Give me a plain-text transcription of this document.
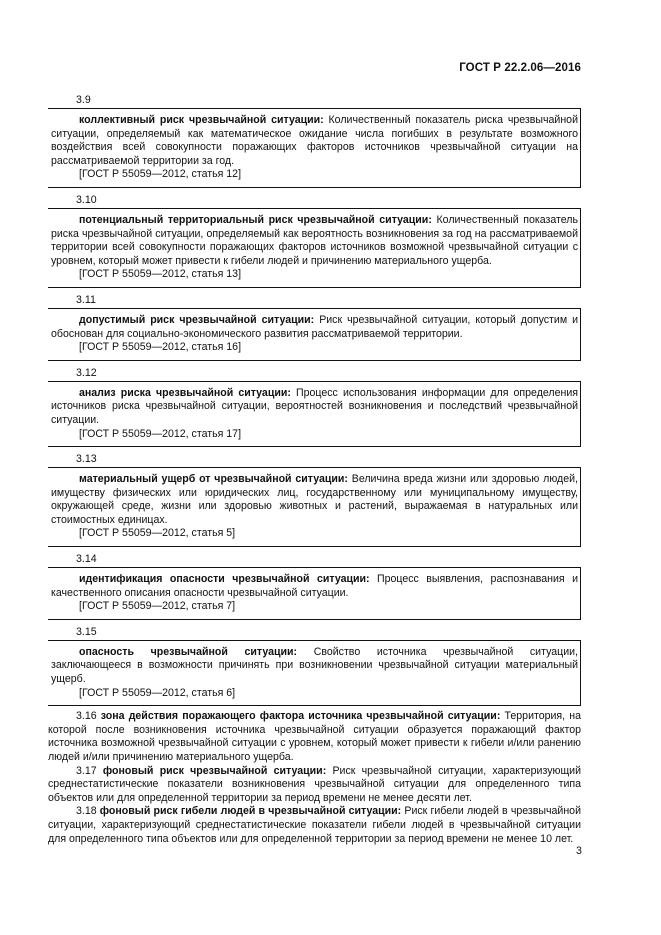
ГОСТ Р 22.2.06—2016
3.9

коллективный риск чрезвычайной ситуации: Количественный показатель риска чрезвычайной ситуации, определяемый как математическое ожидание числа погибших в результате возможного воздействия всей совокупности поражающих факторов источников чрезвычайной ситуации на рассматриваемой территории за год.

[ГОСТ Р 55059—2012, статья 12]

3.10

потенциальный территориальный риск чрезвычайной ситуации: Количественный показатель риска чрезвычайной ситуации, определяемый как вероятность возникновения за год на рассматриваемой территории всей совокупности поражающих факторов источников возможной чрезвычайной ситуации с уровнем, который может привести к гибели людей и причинению материального ущерба.

[ГОСТ Р 55059—2012, статья 13]

3.11

допустимый риск чрезвычайной ситуации: Риск чрезвычайной ситуации, который допустим и обоснован для социально-экономического развития рассматриваемой территории.

[ГОСТ Р 55059—2012, статья 16]

3.12

анализ риска чрезвычайной ситуации: Процесс использования информации для определения источников риска чрезвычайной ситуации, вероятностей возникновения и последствий чрезвычайной ситуации.

[ГОСТ Р 55059—2012, статья 17]

3.13

материальный ущерб от чрезвычайной ситуации: Величина вреда жизни или здоровью людей, имуществу физических или юридических лиц, государственному или муниципальному имуществу, окружающей среде, жизни или здоровью животных и растений, выражаемая в натуральных или стоимостных единицах.

[ГОСТ Р 55059—2012, статья 5]

3.14

идентификация опасности чрезвычайной ситуации: Процесс выявления, распознавания и качественного описания опасности чрезвычайной ситуации.

[ГОСТ Р 55059—2012, статья 7]

3.15

опасность чрезвычайной ситуации: Свойство источника чрезвычайной ситуации, заключающееся в возможности причинять при возникновении чрезвычайной ситуации материальный ущерб.

[ГОСТ Р 55059—2012, статья 6]

3.16 зона действия поражающего фактора источника чрезвычайной ситуации: Территория, на которой после возникновения источника чрезвычайной ситуации образуется поражающий фактор источника возможной чрезвычайной ситуации с уровнем, который может привести к гибели и/или ранению людей и/или причинению материального ущерба.

3.17 фоновый риск чрезвычайной ситуации: Риск чрезвычайной ситуации, характеризующий среднестатистические показатели возникновения чрезвычайной ситуации для определенного типа объектов или для определенной территории за период времени не менее десяти лет.

3.18 фоновый риск гибели людей в чрезвычайной ситуации: Риск гибели людей в чрезвычайной ситуации, характеризующий среднестатистические показатели гибели людей в чрезвычайной ситуации для определенного типа объектов или для определенной территории за период времени не менее 10 лет.

3
